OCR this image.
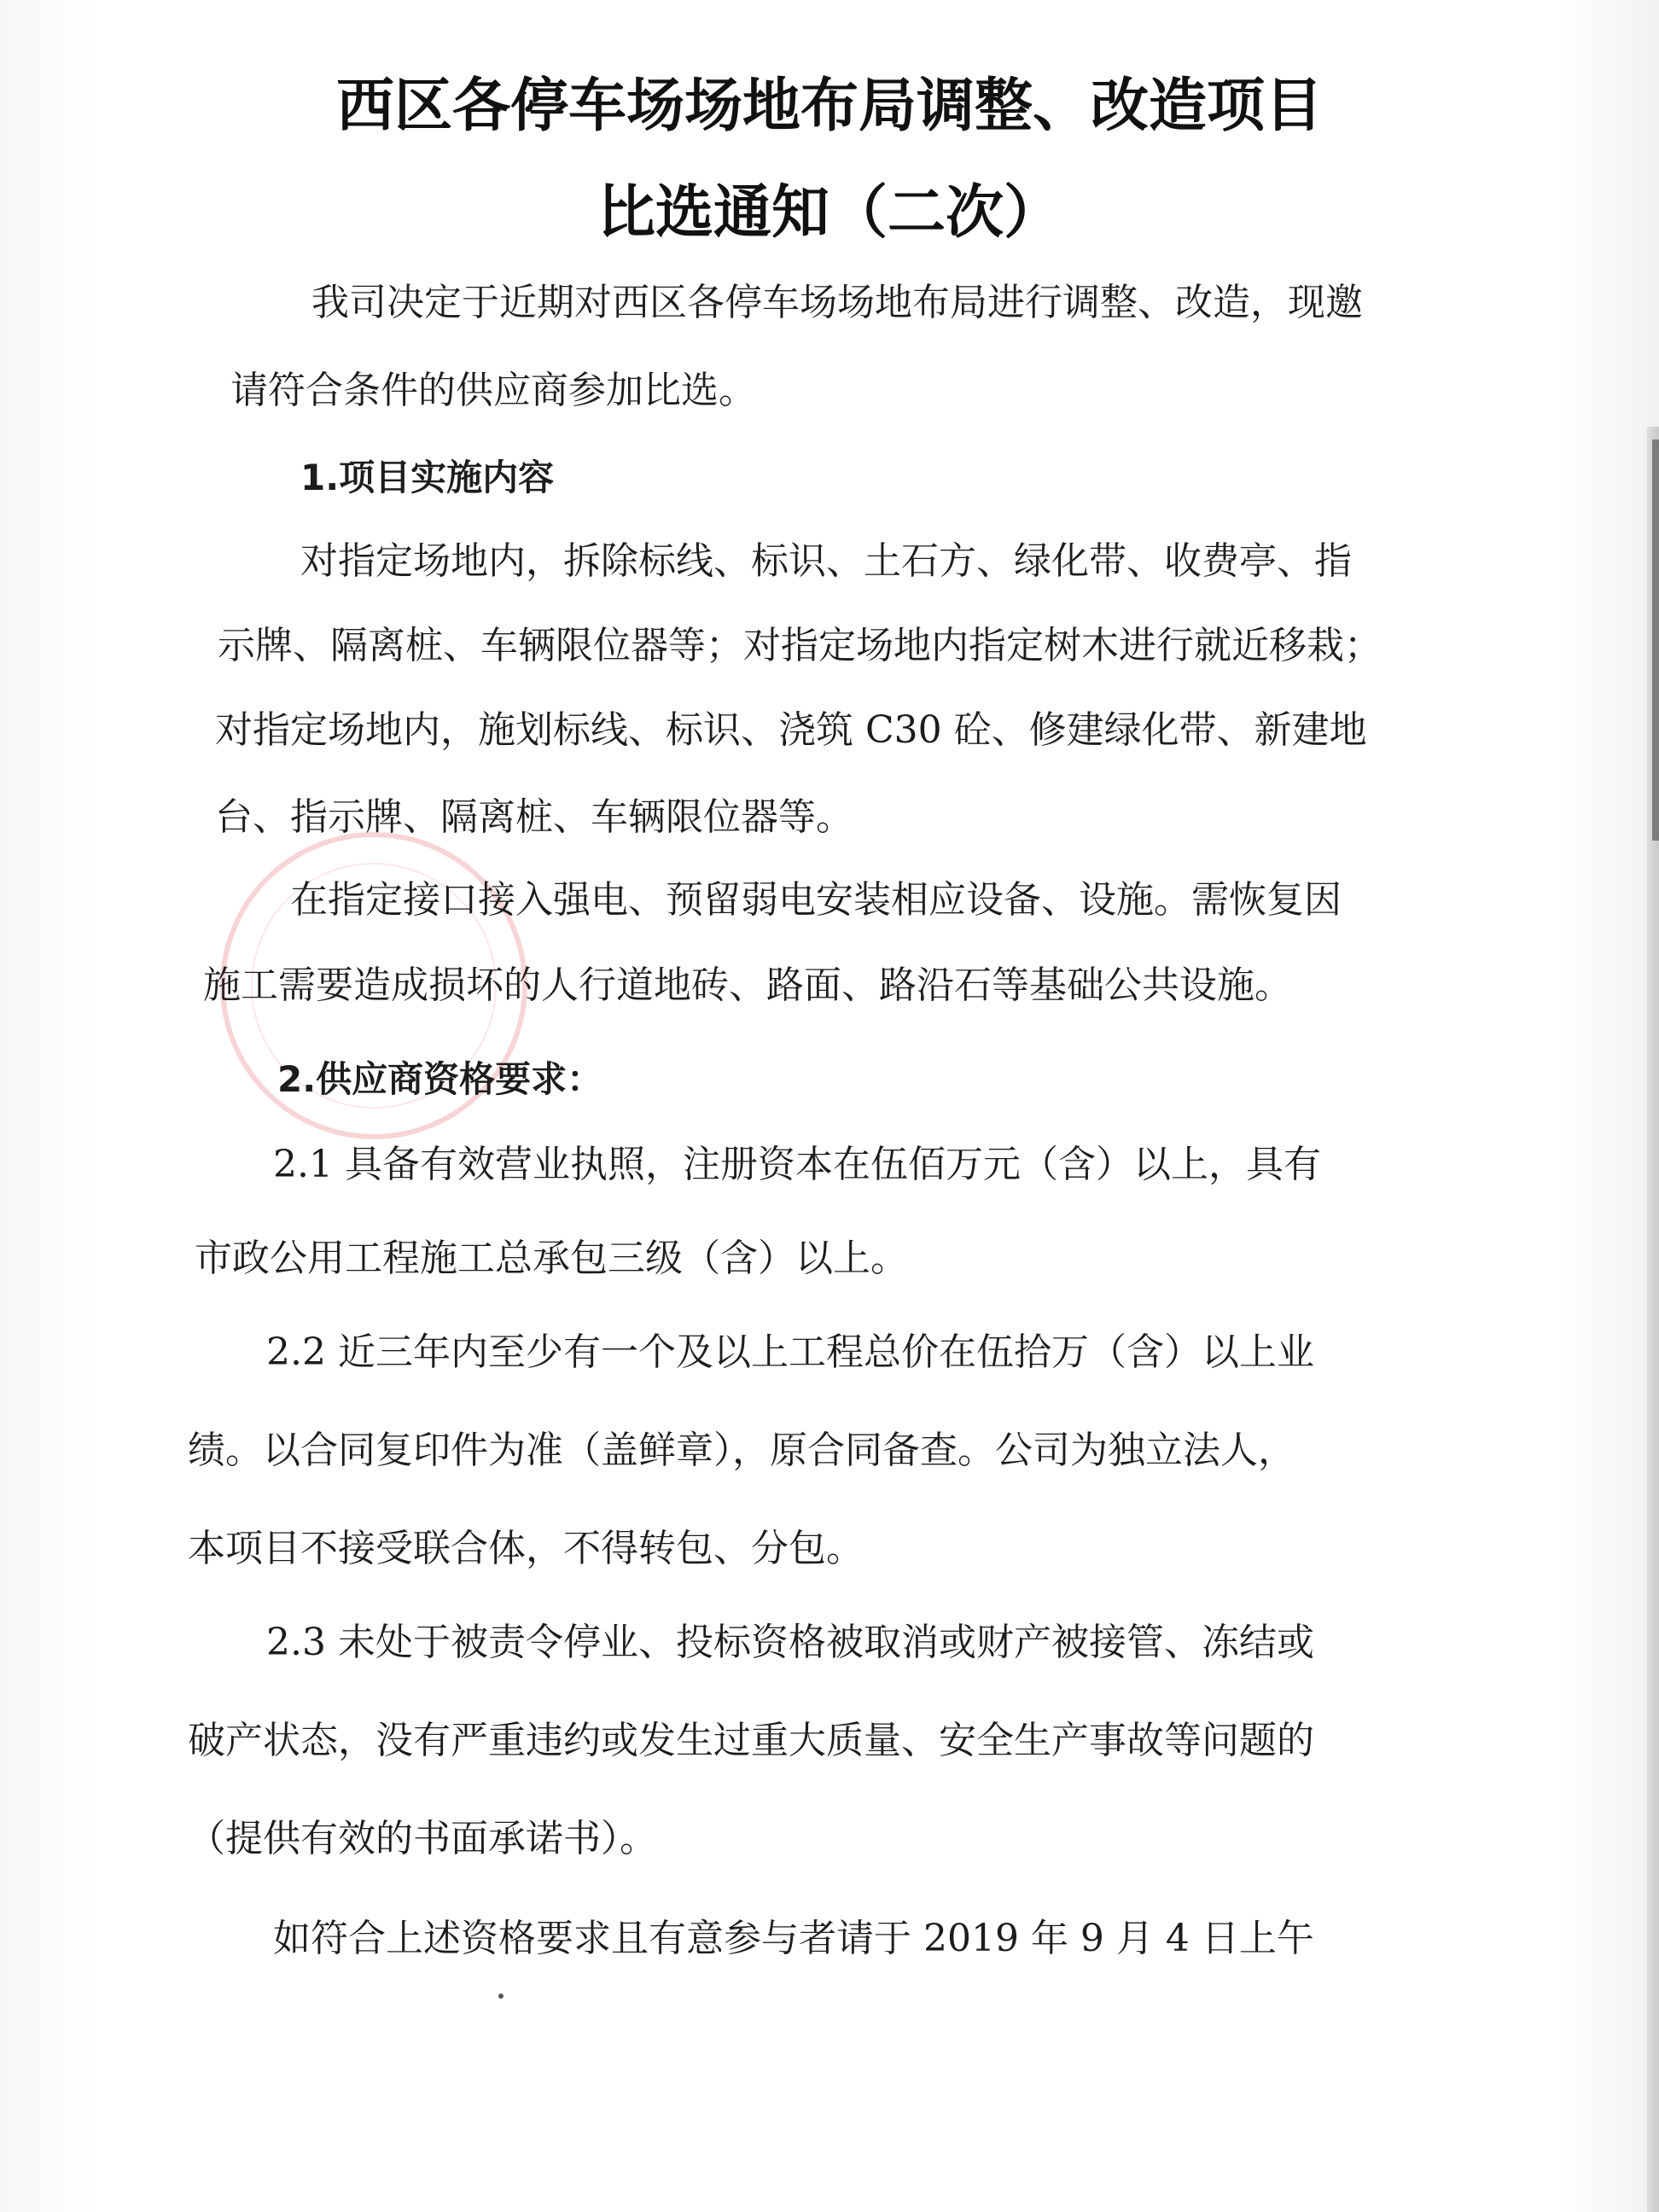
西区各停车场场地布局调整、改造项目
比选通知（二次）
我司决定于近期对西区各停车场场地布局进行调整、改造，现邀
请符合条件的供应商参加比选。
1.项目实施内容
对指定场地内，拆除标线、标识、土石方、绿化带、收费亭、指
示牌、隔离桩、车辆限位器等；对指定场地内指定树木进行就近移栽；
对指定场地内，施划标线、标识、浇筑 C30 砼、修建绿化带、新建地
台、指示牌、隔离桩、车辆限位器等。
在指定接口接入强电、预留弱电安装相应设备、设施。需恢复因
施工需要造成损坏的人行道地砖、路面、路沿石等基础公共设施。
2.供应商资格要求：
2.1 具备有效营业执照，注册资本在伍佰万元（含）以上，具有
市政公用工程施工总承包三级（含）以上。
2.2 近三年内至少有一个及以上工程总价在伍拾万（含）以上业
绩。以合同复印件为准（盖鲜章），原合同备查。公司为独立法人，
本项目不接受联合体，不得转包、分包。
2.3 未处于被责令停业、投标资格被取消或财产被接管、冻结或
破产状态，没有严重违约或发生过重大质量、安全生产事故等问题的
（提供有效的书面承诺书）。
如符合上述资格要求且有意参与者请于 2019 年 9 月 4 日上午
